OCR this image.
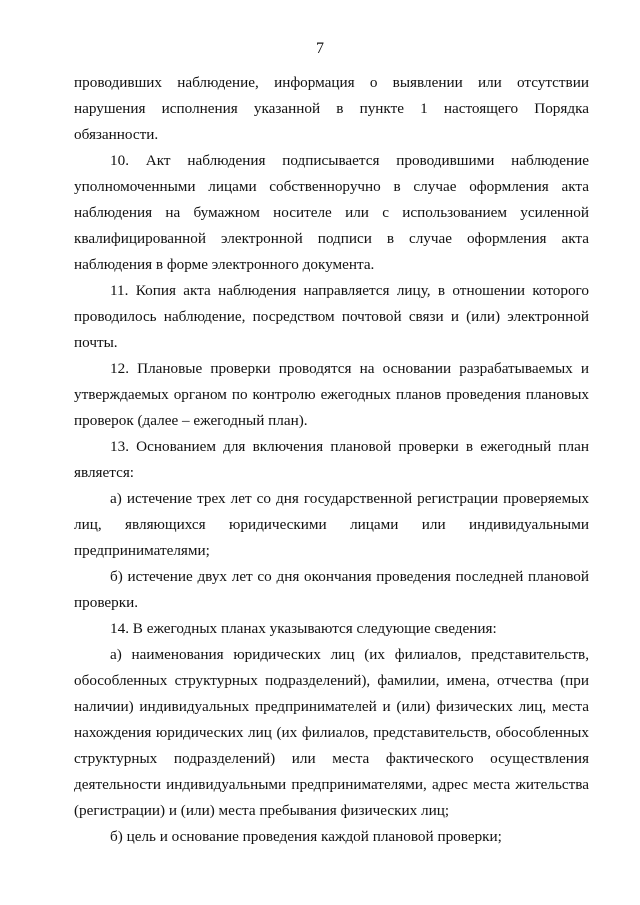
7
проводивших наблюдение, информация о выявлении или отсутствии
нарушения исполнения указанной в пункте 1 настоящего Порядка
обязанности.
10. Акт наблюдения подписывается проводившими наблюдение
уполномоченными лицами собственноручно в случае оформления акта
наблюдения на бумажном носителе или с использованием усиленной
квалифицированной электронной подписи в случае оформления акта
наблюдения в форме электронного документа.
11. Копия акта наблюдения направляется лицу, в отношении которого
проводилось наблюдение, посредством почтовой связи и (или) электронной
почты.
12. Плановые проверки проводятся на основании разрабатываемых и
утверждаемых органом по контролю ежегодных планов проведения плановых
проверок (далее – ежегодный план).
13. Основанием для включения плановой проверки в ежегодный план
является:
а) истечение трех лет со дня государственной регистрации проверяемых
лиц, являющихся юридическими лицами или индивидуальными
предпринимателями;
б) истечение двух лет со дня окончания проведения последней плановой
проверки.
14. В ежегодных планах указываются следующие сведения:
а) наименования юридических лиц (их филиалов, представительств,
обособленных структурных подразделений), фамилии, имена, отчества (при
наличии) индивидуальных предпринимателей и (или) физических лиц, места
нахождения юридических лиц (их филиалов, представительств, обособленных
структурных подразделений) или места фактического осуществления
деятельности индивидуальными предпринимателями, адрес места жительства
(регистрации) и (или) места пребывания физических лиц;
б) цель и основание проведения каждой плановой проверки;
